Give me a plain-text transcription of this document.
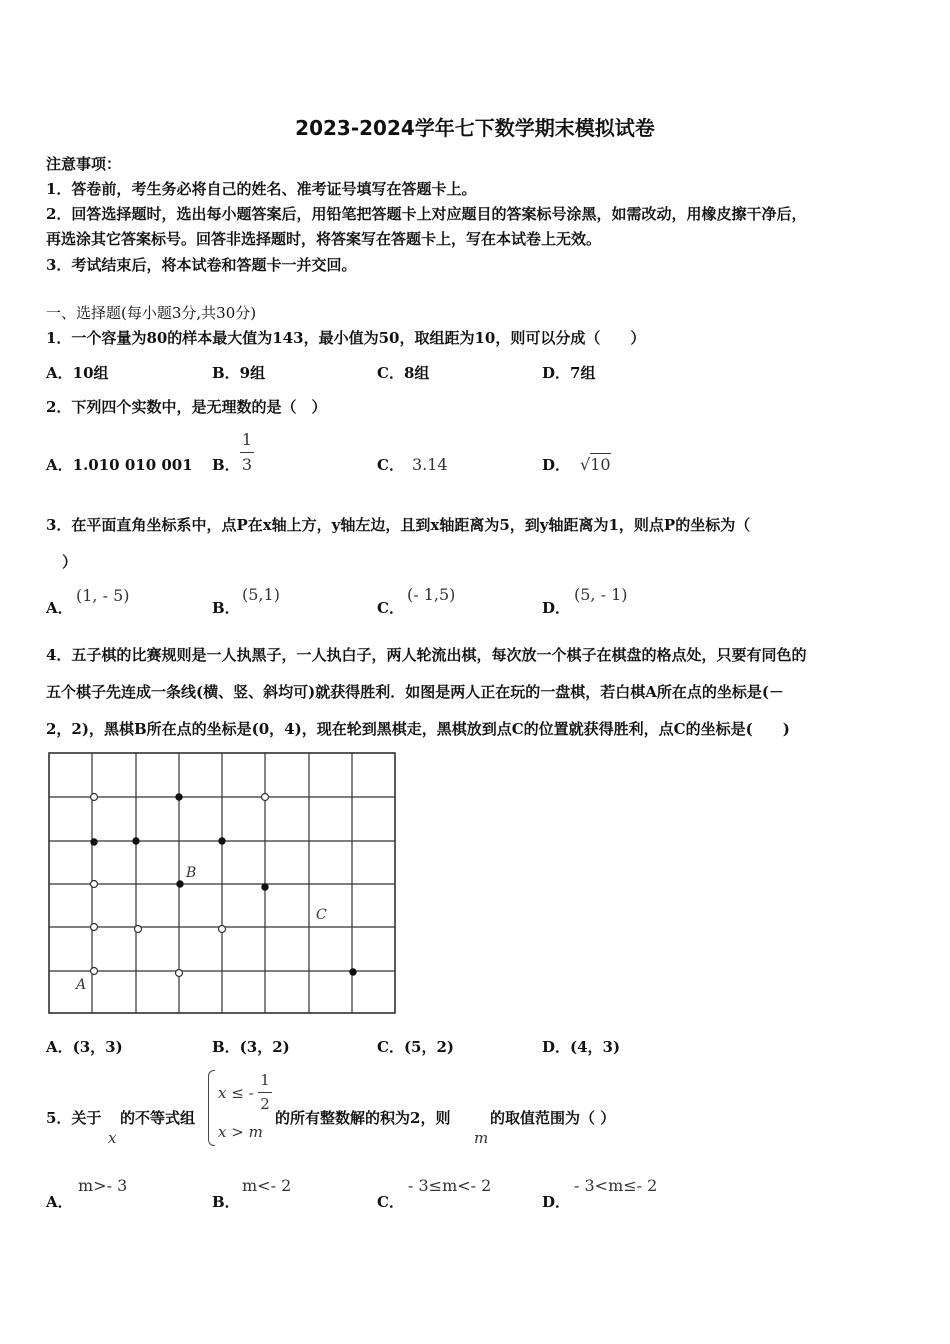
2023-2024学年七下数学期末模拟试卷
注意事项：
1．答卷前，考生务必将自己的姓名、准考证号填写在答题卡上。
2．回答选择题时，选出每小题答案后，用铅笔把答题卡上对应题目的答案标号涂黑，如需改动，用橡皮擦干净后，
再选涂其它答案标号。回答非选择题时，将答案写在答题卡上，写在本试卷上无效。
3．考试结束后，将本试卷和答题卡一并交回。
一、选择题(每小题3分,共30分)
1．一个容量为80的样本最大值为143，最小值为50，取组距为10，则可以分成（　　）
A．10组	B．9组	C．8组	D．7组
2．下列四个实数中，是无理数的是（　）
A．1.010 010 001 B．
1
3	C． 3.14	D． √10
3．在平面直角坐标系中，点P在x轴上方，y轴左边，且到x轴距离为5，到y轴距离为1，则点P的坐标为（
）
A．
(1, - 5)
B．
(5,1)
C．
(- 1,5)
D．
(5, - 1)
4．五子棋的比赛规则是一人执黑子，一人执白子，两人轮流出棋，每次放一个棋子在棋盘的格点处，只要有同色的
五个棋子先连成一条线(横、竖、斜均可)就获得胜利．如图是两人正在玩的一盘棋，若白棋A所在点的坐标是(－
2，2)，黑棋B所在点的坐标是(0，4)，现在轮到黑棋走，黑棋放到点C的位置就获得胜利，点C的坐标是(　　)
B
C
A
A．(3，3)	B．(3，2)	C．(5，2)	D．(4，3)
5．关于
x
的不等式组
x ≤ -
1
2
x > m
的所有整数解的积为2，则
m
的取值范围为（ ）
A．
m>- 3
B．
m<- 2
C．
- 3≤m<- 2
D．
- 3<m≤- 2
